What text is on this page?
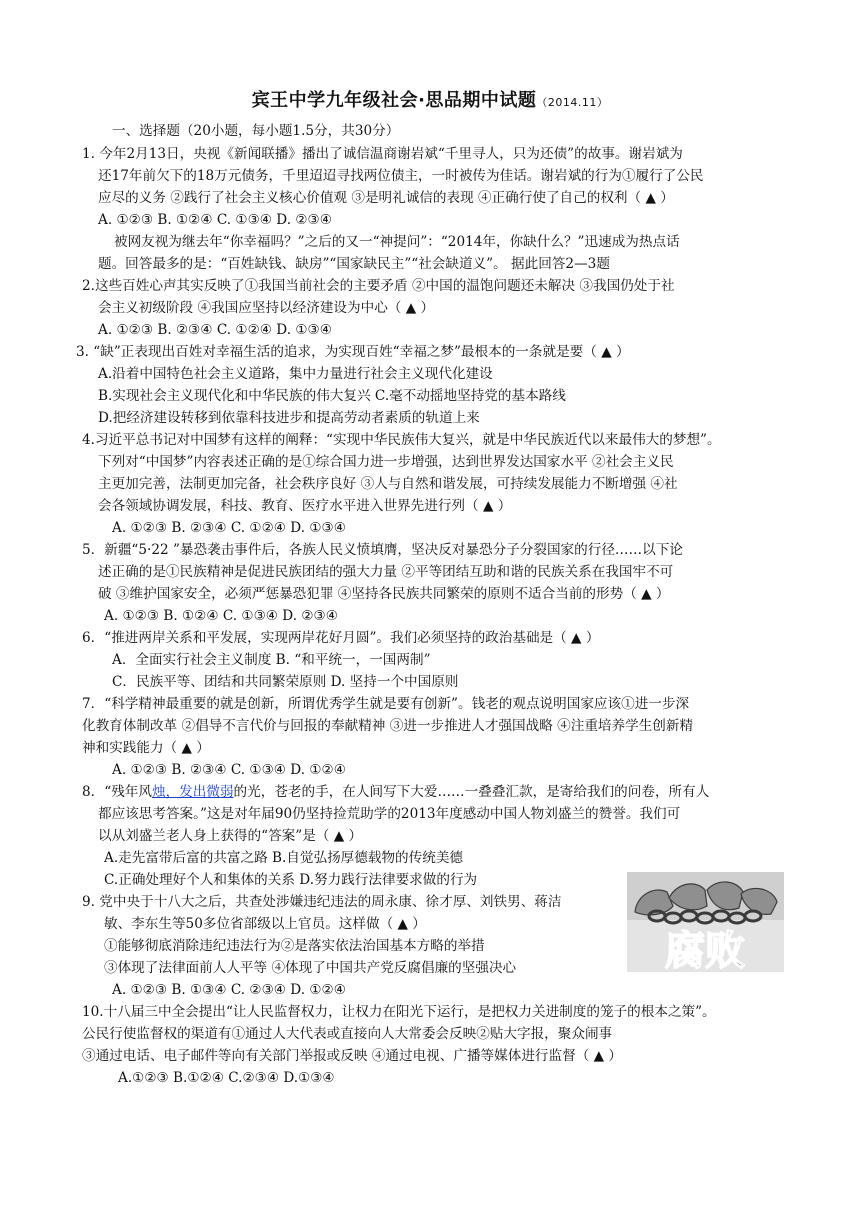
宾王中学九年级社会·思品期中试题（2014.11）
一、选择题（20小题，每小题1.5分，共30分）
1. 今年2月13日，央视《新闻联播》播出了诚信温商谢岩斌“千里寻人，只为还债”的故事。谢岩斌为
还17年前欠下的18万元债务，千里迢迢寻找两位债主，一时被传为佳话。谢岩斌的行为①履行了公民
应尽的义务 ②践行了社会主义核心价值观 ③是明礼诚信的表现 ④正确行使了自己的权利（ ▲ ）
A. ①②③ B. ①②④ C. ①③④ D. ②③④
被网友视为继去年“你幸福吗？”之后的又一“神提问”：“2014年，你缺什么？”迅速成为热点话
题。回答最多的是：“百姓缺钱、缺房”“国家缺民主”“社会缺道义”。 据此回答2—3题
2.这些百姓心声其实反映了①我国当前社会的主要矛盾 ②中国的温饱问题还未解决 ③我国仍处于社
会主义初级阶段 ④我国应坚持以经济建设为中心（ ▲ ）
A. ①②③ B. ②③④ C. ①②④ D. ①③④
3. “缺”正表现出百姓对幸福生活的追求，为实现百姓“幸福之梦”最根本的一条就是要（ ▲ ）
A.沿着中国特色社会主义道路，集中力量进行社会主义现代化建设
B.实现社会主义现代化和中华民族的伟大复兴 C.毫不动摇地坚持党的基本路线
D.把经济建设转移到依靠科技进步和提高劳动者素质的轨道上来
4.习近平总书记对中国梦有这样的阐释：“实现中华民族伟大复兴，就是中华民族近代以来最伟大的梦想”。
下列对“中国梦”内容表述正确的是①综合国力进一步增强，达到世界发达国家水平 ②社会主义民
主更加完善，法制更加完备，社会秩序良好 ③人与自然和谐发展，可持续发展能力不断增强 ④社
会各领域协调发展，科技、教育、医疗水平进入世界先进行列（ ▲ ）
A. ①②③ B. ②③④ C. ①②④ D. ①③④
5．新疆“5·22 ”暴恐袭击事件后，各族人民义愤填膺，坚决反对暴恐分子分裂国家的行径……以下论
述正确的是①民族精神是促进民族团结的强大力量 ②平等团结互助和谐的民族关系在我国牢不可
破 ③维护国家安全，必须严惩暴恐犯罪 ④坚持各民族共同繁荣的原则不适合当前的形势（ ▲ ）
A. ①②③ B. ①②④ C. ①③④ D. ②③④
6．“推进两岸关系和平发展，实现两岸花好月圆”。我们必须坚持的政治基础是（ ▲ ）
A．全面实行社会主义制度 B. “和平统一，一国两制”
C．民族平等、团结和共同繁荣原则 D. 坚持一个中国原则
7．“科学精神最重要的就是创新，所谓优秀学生就是要有创新”。钱老的观点说明国家应该①进一步深
化教育体制改革 ②倡导不言代价与回报的奉献精神 ③进一步推进人才强国战略 ④注重培养学生创新精
神和实践能力（ ▲ ）
A. ①②③ B. ②③④ C. ①③④ D. ①②④
8．“残年风烛，发出微弱的光，苍老的手，在人间写下大爱……一叠叠汇款，是寄给我们的问卷，所有人
都应该思考答案。”这是对年届90仍坚持捡荒助学的2013年度感动中国人物刘盛兰的赞誉。我们可
以从刘盛兰老人身上获得的“答案”是（ ▲ ）
A.走先富带后富的共富之路 B.自觉弘扬厚德载物的传统美德
C.正确处理好个人和集体的关系 D.努力践行法律要求做的行为
9. 党中央于十八大之后，共查处涉嫌违纪违法的周永康、徐才厚、刘铁男、蒋洁
敏、李东生等50多位省部级以上官员。这样做（ ▲ ）
①能够彻底消除违纪违法行为②是落实依法治国基本方略的举措
③体现了法律面前人人平等 ④体现了中国共产党反腐倡廉的坚强决心
A. ①②③ B. ①③④ C. ②③④ D. ①②④
10.十八届三中全会提出“让人民监督权力，让权力在阳光下运行，是把权力关进制度的笼子的根本之策”。
公民行使监督权的渠道有①通过人大代表或直接向人大常委会反映②贴大字报，聚众闹事
③通过电话、电子邮件等向有关部门举报或反映 ④通过电视、广播等媒体进行监督（ ▲ ）
A.①②③ B.①②④ C.②③④ D.①③④
腐败
